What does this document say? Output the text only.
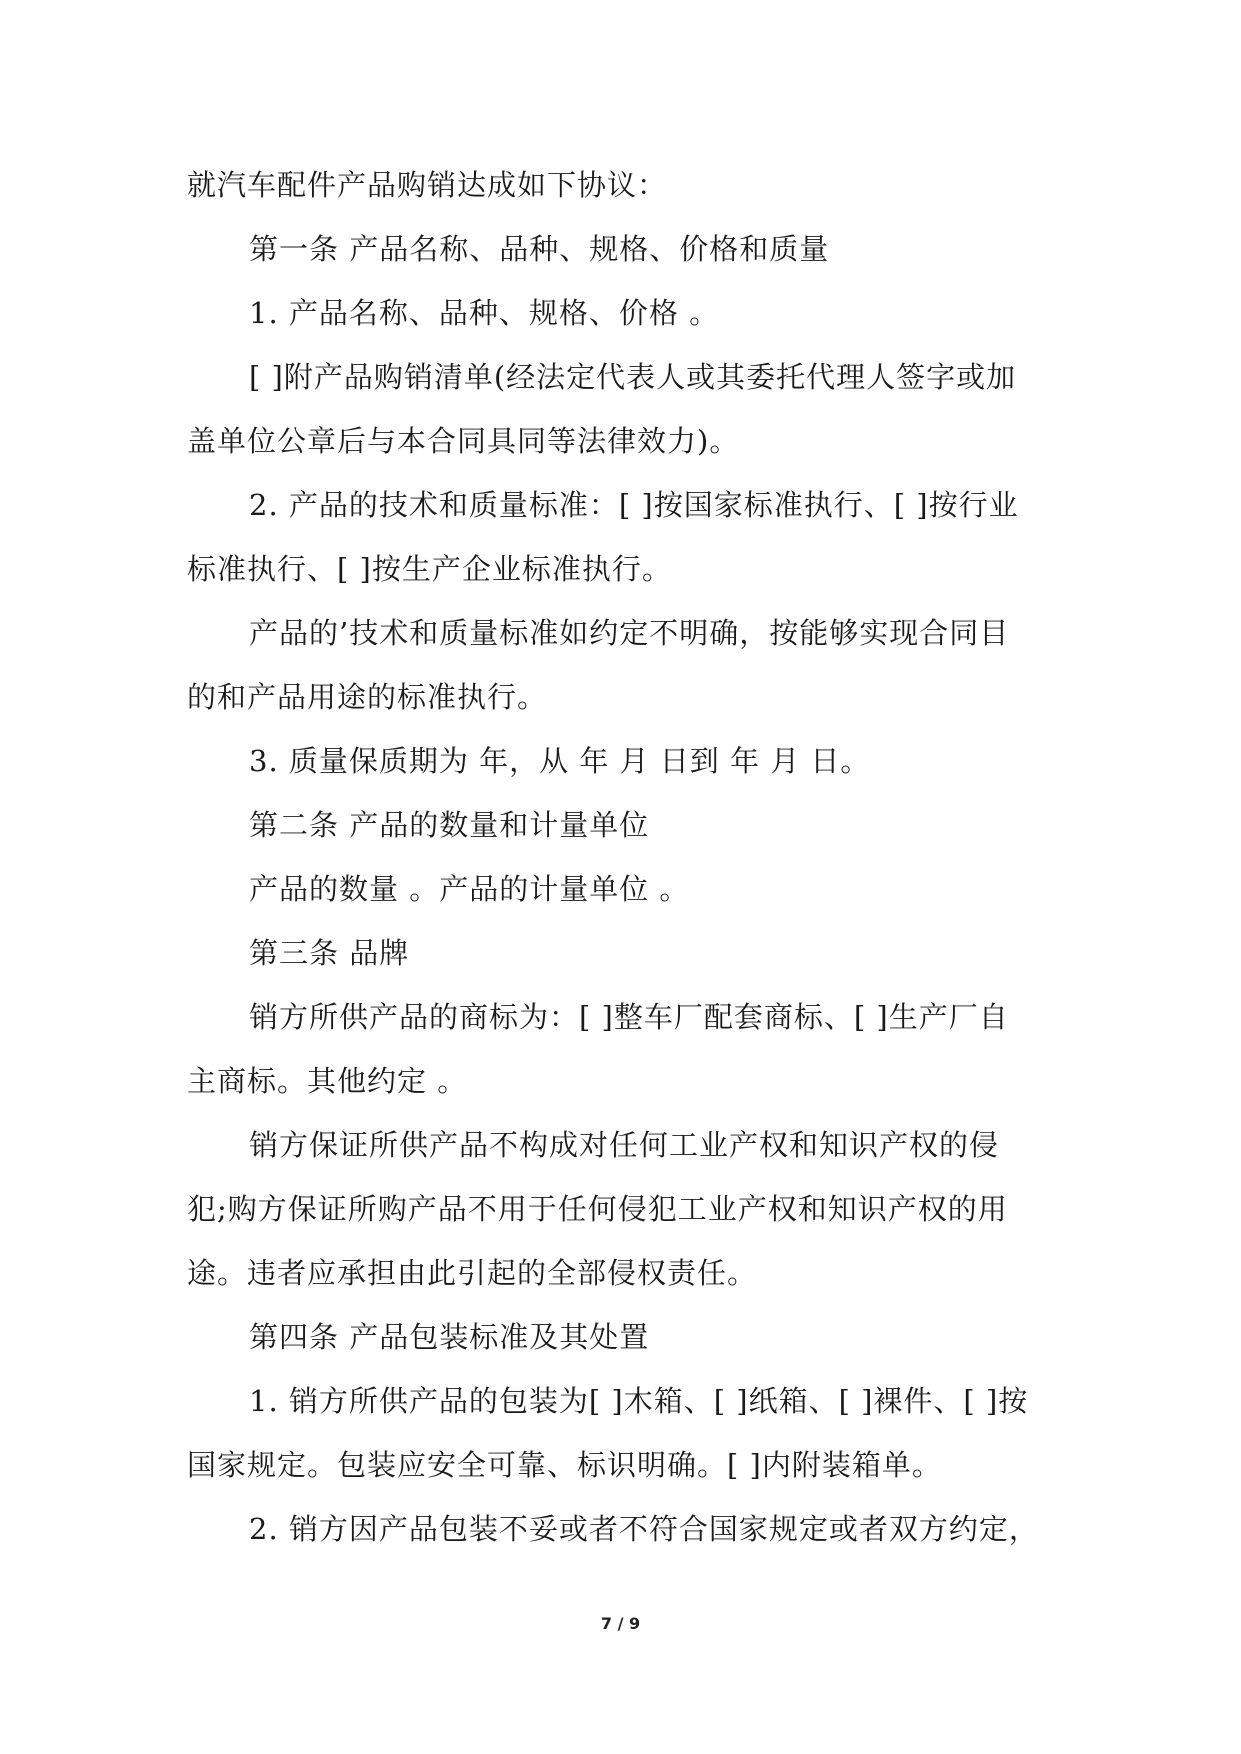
就汽车配件产品购销达成如下协议：
第一条 产品名称、品种、规格、价格和质量
1. 产品名称、品种、规格、价格 。
[ ]附产品购销清单(经法定代表人或其委托代理人签字或加
盖单位公章后与本合同具同等法律效力)。
2. 产品的技术和质量标准：[ ]按国家标准执行、[ ]按行业
标准执行、[ ]按生产企业标准执行。
产品的’技术和质量标准如约定不明确，按能够实现合同目
的和产品用途的标准执行。
3. 质量保质期为 年，从 年 月 日到 年 月 日。
第二条 产品的数量和计量单位
产品的数量 。产品的计量单位 。
第三条 品牌
销方所供产品的商标为：[ ]整车厂配套商标、[ ]生产厂自
主商标。其他约定 。
销方保证所供产品不构成对任何工业产权和知识产权的侵
犯;购方保证所购产品不用于任何侵犯工业产权和知识产权的用
途。违者应承担由此引起的全部侵权责任。
第四条 产品包装标准及其处置
1. 销方所供产品的包装为[ ]木箱、[ ]纸箱、[ ]裸件、[ ]按
国家规定。包装应安全可靠、标识明确。[ ]内附装箱单。
2. 销方因产品包装不妥或者不符合国家规定或者双方约定，
7 / 9
